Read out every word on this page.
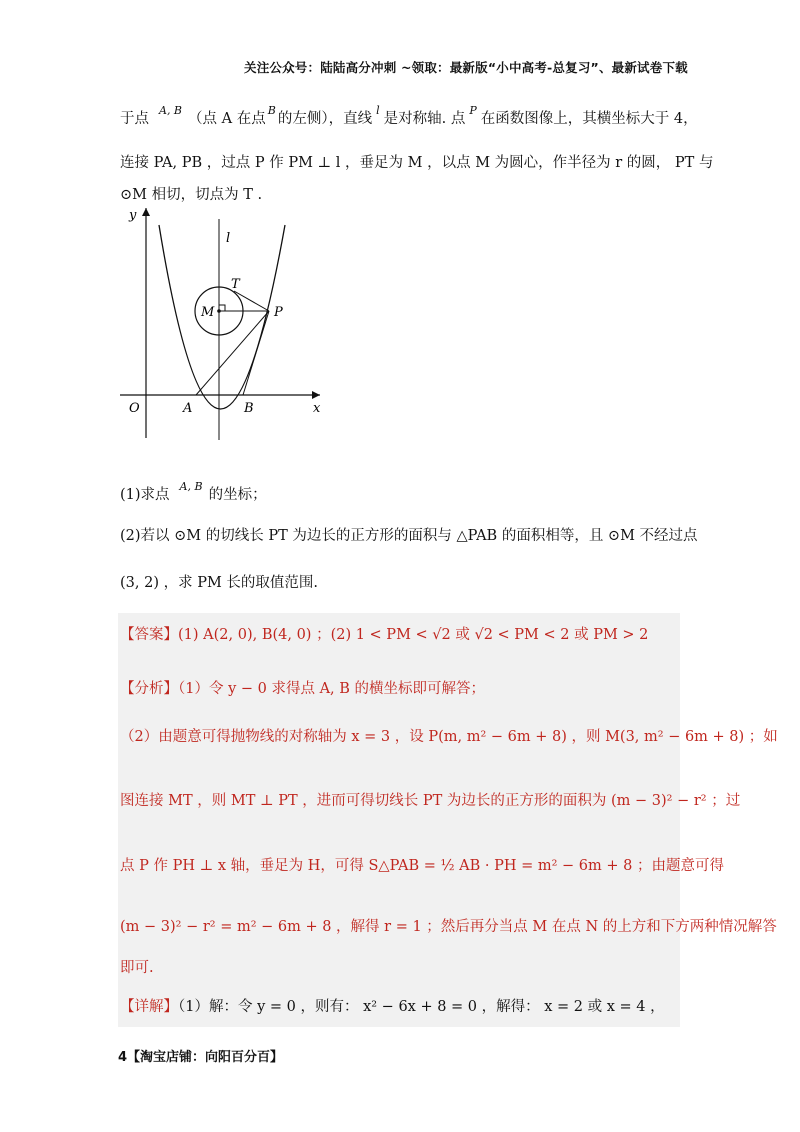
关注公众号：陆陆高分冲刺 ~领取：最新版“小中高考-总复习”、最新试卷下载
于点$^{A, B}$（点 A 在点$^B$的左侧），直线$^l$是对称轴. 点$^P$在函数图像上，其横坐标大于 4，
连接 PA, PB ，过点 P 作 PM ⊥ l ，垂足为 M ，以点 M 为圆心，作半径为 r 的圆， PT 与
⊙M 相切，切点为 T .
y
l
T
M	P
O	A	B	x
(1)求点$^{A, B}$的坐标；
(2)若以 ⊙M 的切线长 PT 为边长的正方形的面积与 △PAB 的面积相等，且 ⊙M 不经过点
(3, 2) ，求 PM 长的取值范围.
【答案】(1) A(2, 0), B(4, 0) ；(2) 1 < PM < √2 或 √2 < PM < 2 或 PM > 2
【分析】（1）令 y − 0 求得点 A, B 的横坐标即可解答；
（2）由题意可得抛物线的对称轴为 x = 3 ，设 P(m, m² − 6m + 8) ，则 M(3, m² − 6m + 8) ；如
图连接 MT ，则 MT ⊥ PT ，进而可得切线长 PT 为边长的正方形的面积为 (m − 3)² − r² ；过
点 P 作 PH ⊥ x 轴，垂足为 H，可得 S△PAB = ½ AB · PH = m² − 6m + 8 ；由题意可得
(m − 3)² − r² = m² − 6m + 8 ，解得 r = 1 ；然后再分当点 M 在点 N 的上方和下方两种情况解答
即可.
【详解】（1）解：令 y = 0 ，则有： x² − 6x + 8 = 0 ，解得： x = 2 或 x = 4 ，
4【淘宝店铺：向阳百分百】
